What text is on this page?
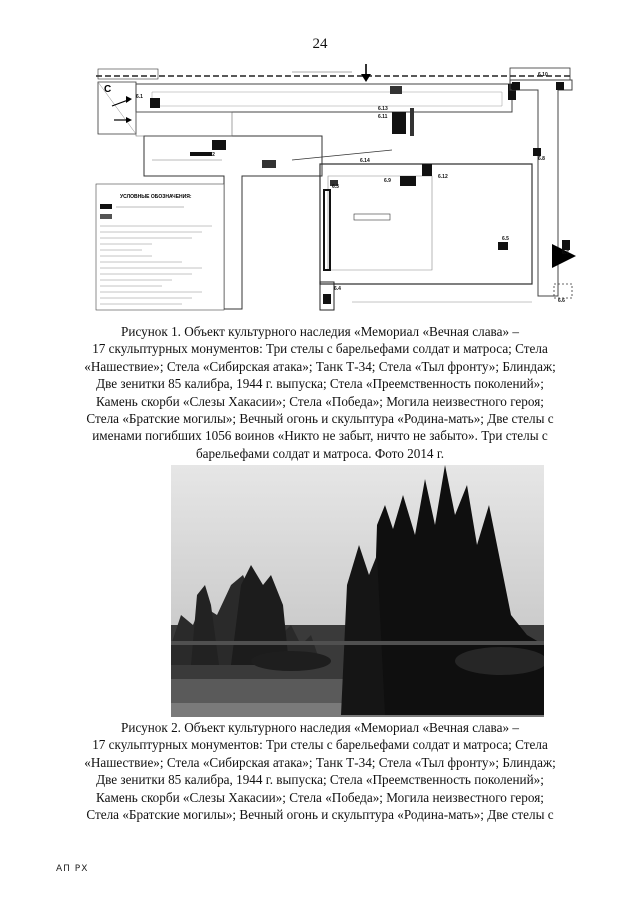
24
С
УСЛОВНЫЕ ОБОЗНАЧЕНИЯ:
6.1
6.2
6.3
6.4
6.5
6.6
6.7
6.8
6.9
6.10
6.11
6.12
6.13
6.14
Рисунок 1. Объект культурного наследия «Мемориал «Вечная слава» –
17 скульптурных монументов: Три стелы с барельефами солдат и матроса; Стела
«Нашествие»; Стела «Сибирская атака»; Танк Т-34; Стела «Тыл фронту»; Блиндаж;
Две зенитки 85 калибра, 1944 г. выпуска; Стела «Преемственность поколений»;
Камень скорби «Слезы Хакасии»; Стела «Победа»; Могила неизвестного героя;
Стела «Братские могилы»; Вечный огонь и скульптура «Родина-мать»; Две стелы с
именами погибших 1056 воинов «Никто не забыт, ничто не забыто». Три стелы с
барельефами солдат и матроса. Фото 2014 г.
Рисунок 2. Объект культурного наследия «Мемориал «Вечная слава» –
17 скульптурных монументов: Три стелы с барельефами солдат и матроса; Стела
«Нашествие»; Стела «Сибирская атака»; Танк Т-34; Стела «Тыл фронту»; Блиндаж;
Две зенитки 85 калибра, 1944 г. выпуска; Стела «Преемственность поколений»;
Камень скорби «Слезы Хакасии»; Стела «Победа»; Могила неизвестного героя;
Стела «Братские могилы»; Вечный огонь и скульптура «Родина-мать»; Две стелы с
АП РХ
